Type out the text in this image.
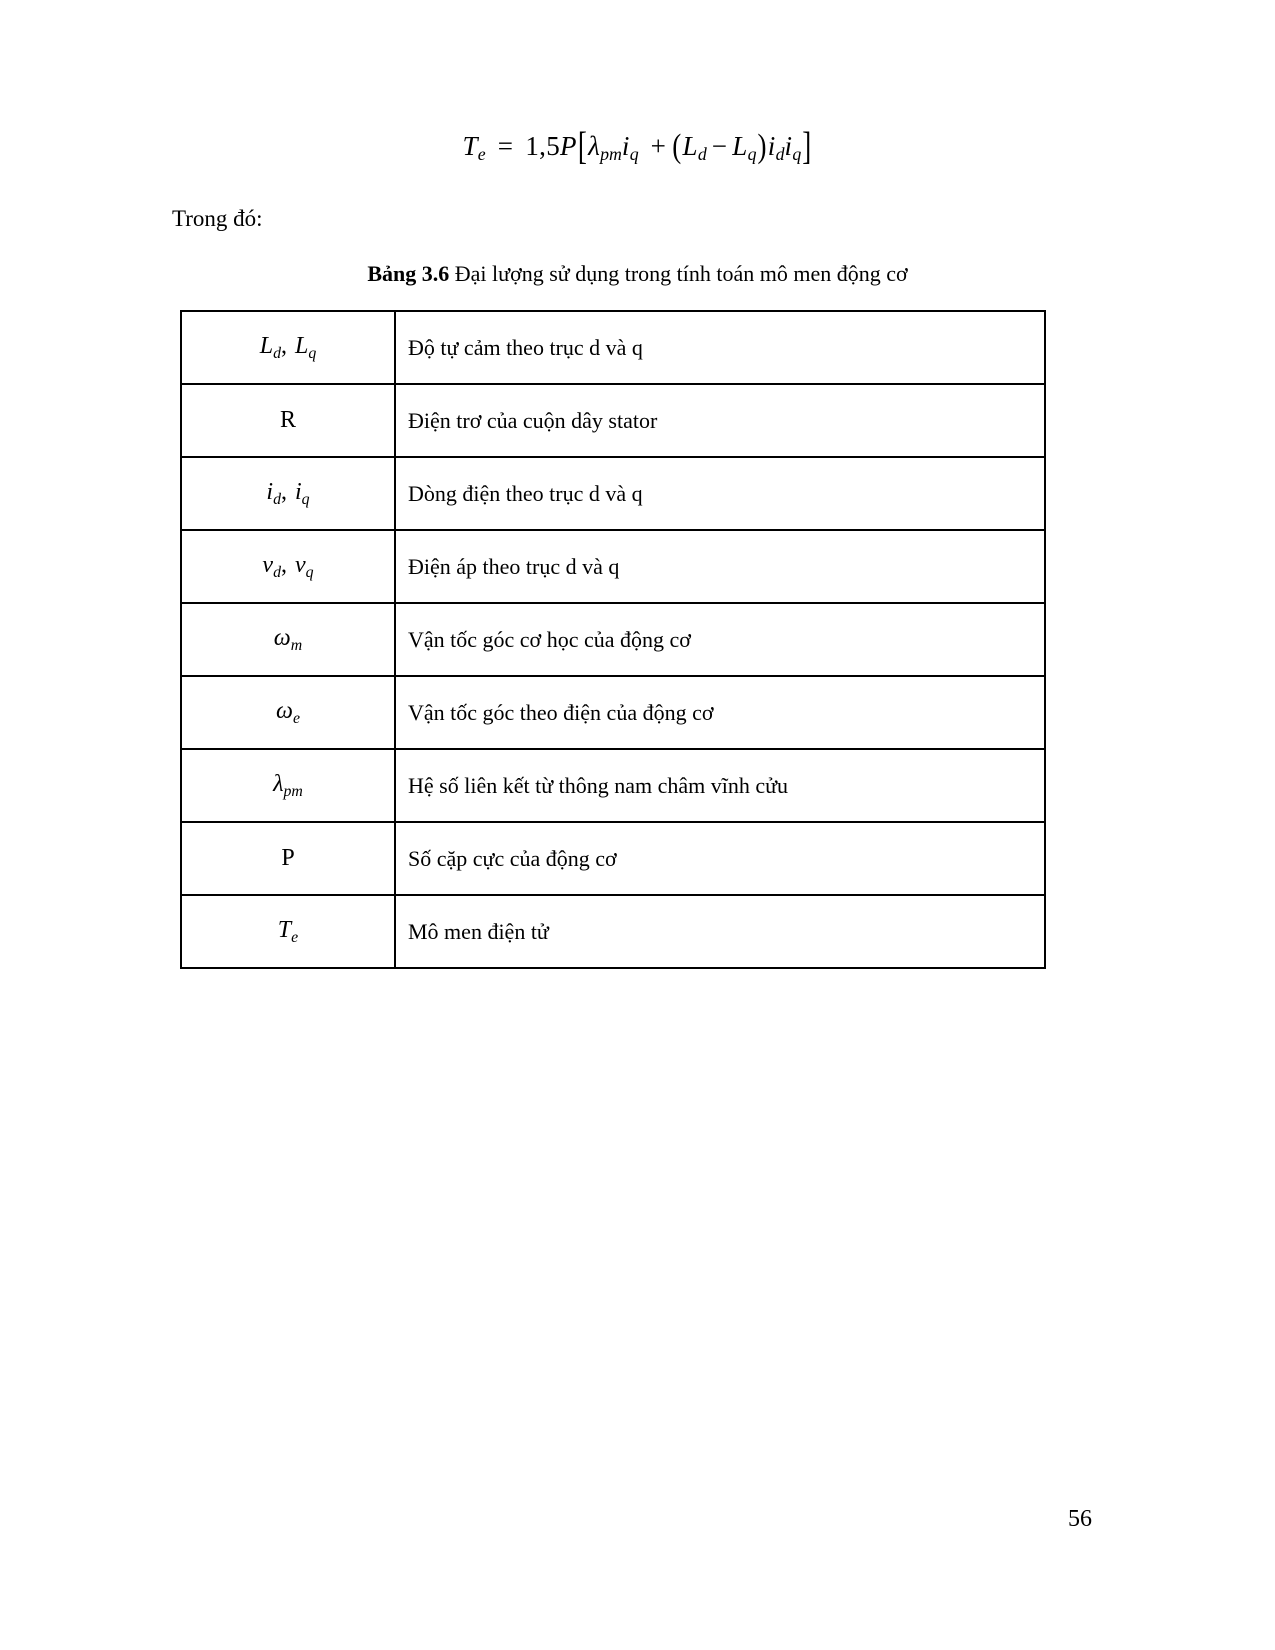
$T_e = 1,5P[\lambda_{pm}i_q + (L_d - L_q)i_di_q]$
Trong đó:
Bảng 3.6 Đại lượng sử dụng trong tính toán mô men động cơ
$L_d$, $L_q$	Độ tự cảm theo trục d và q
R	Điện trơ của cuộn dây stator
$i_d$, $i_q$	Dòng điện theo trục d và q
$v_d$, $v_q$	Điện áp theo trục d và q
$\omega_m$	Vận tốc góc cơ học của động cơ
$\omega_e$	Vận tốc góc theo điện của động cơ
$\lambda_{pm}$	Hệ số liên kết từ thông nam châm vĩnh cửu
P	Số cặp cực của động cơ
$T_e$	Mô men điện tử
56
